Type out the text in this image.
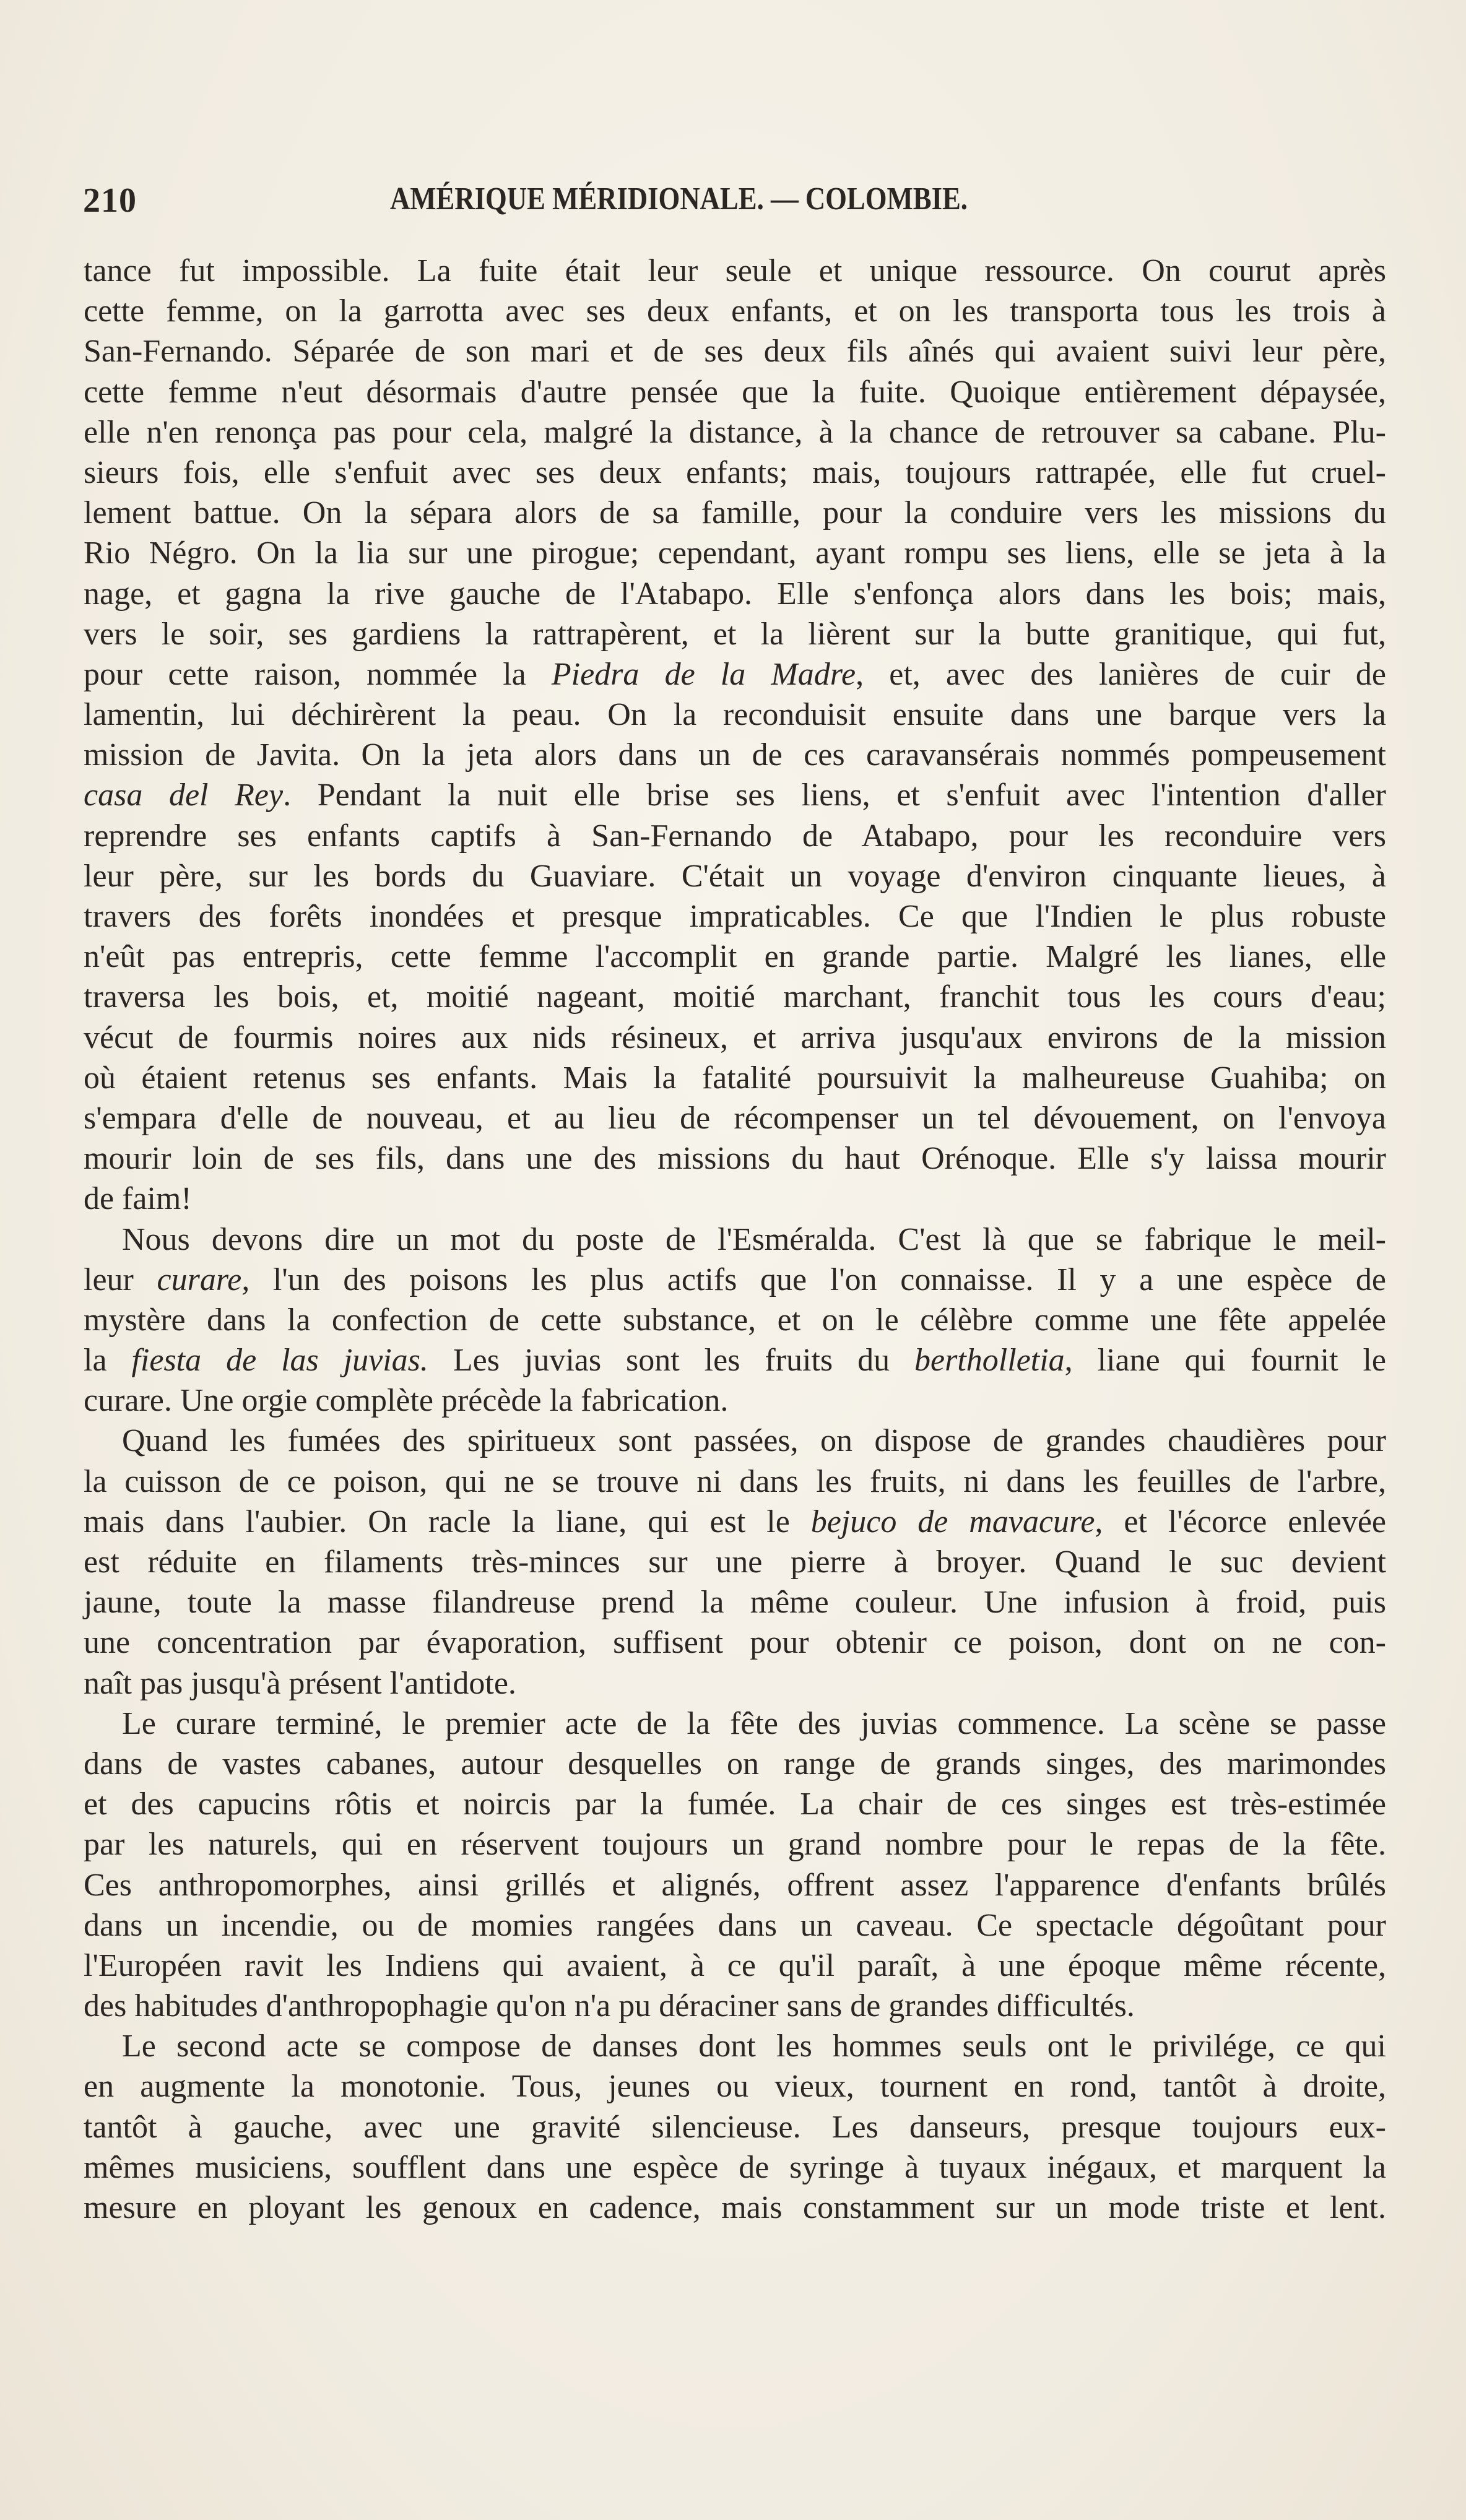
210	AMÉRIQUE MÉRIDIONALE. — COLOMBIE.
tance fut impossible. La fuite était leur seule et unique ressource. On courut après
cette femme, on la garrotta avec ses deux enfants, et on les transporta tous les trois à
San-Fernando. Séparée de son mari et de ses deux fils aînés qui avaient suivi leur père,
cette femme n'eut désormais d'autre pensée que la fuite. Quoique entièrement dépaysée,
elle n'en renonça pas pour cela, malgré la distance, à la chance de retrouver sa cabane. Plu-
sieurs fois, elle s'enfuit avec ses deux enfants; mais, toujours rattrapée, elle fut cruel-
lement battue. On la sépara alors de sa famille, pour la conduire vers les missions du
Rio Négro. On la lia sur une pirogue; cependant, ayant rompu ses liens, elle se jeta à la
nage, et gagna la rive gauche de l'Atabapo. Elle s'enfonça alors dans les bois; mais,
vers le soir, ses gardiens la rattrapèrent, et la lièrent sur la butte granitique, qui fut,
pour cette raison, nommée la Piedra de la Madre, et, avec des lanières de cuir de
lamentin, lui déchirèrent la peau. On la reconduisit ensuite dans une barque vers la
mission de Javita. On la jeta alors dans un de ces caravansérais nommés pompeusement
casa del Rey. Pendant la nuit elle brise ses liens, et s'enfuit avec l'intention d'aller
reprendre ses enfants captifs à San-Fernando de Atabapo, pour les reconduire vers
leur père, sur les bords du Guaviare. C'était un voyage d'environ cinquante lieues, à
travers des forêts inondées et presque impraticables. Ce que l'Indien le plus robuste
n'eût pas entrepris, cette femme l'accomplit en grande partie. Malgré les lianes, elle
traversa les bois, et, moitié nageant, moitié marchant, franchit tous les cours d'eau;
vécut de fourmis noires aux nids résineux, et arriva jusqu'aux environs de la mission
où étaient retenus ses enfants. Mais la fatalité poursuivit la malheureuse Guahiba; on
s'empara d'elle de nouveau, et au lieu de récompenser un tel dévouement, on l'envoya
mourir loin de ses fils, dans une des missions du haut Orénoque. Elle s'y laissa mourir
de faim!
Nous devons dire un mot du poste de l'Esméralda. C'est là que se fabrique le meil-
leur curare, l'un des poisons les plus actifs que l'on connaisse. Il y a une espèce de
mystère dans la confection de cette substance, et on le célèbre comme une fête appelée
la fiesta de las juvias. Les juvias sont les fruits du bertholletia, liane qui fournit le
curare. Une orgie complète précède la fabrication.
Quand les fumées des spiritueux sont passées, on dispose de grandes chaudières pour
la cuisson de ce poison, qui ne se trouve ni dans les fruits, ni dans les feuilles de l'arbre,
mais dans l'aubier. On racle la liane, qui est le bejuco de mavacure, et l'écorce enlevée
est réduite en filaments très-minces sur une pierre à broyer. Quand le suc devient
jaune, toute la masse filandreuse prend la même couleur. Une infusion à froid, puis
une concentration par évaporation, suffisent pour obtenir ce poison, dont on ne con-
naît pas jusqu'à présent l'antidote.
Le curare terminé, le premier acte de la fête des juvias commence. La scène se passe
dans de vastes cabanes, autour desquelles on range de grands singes, des marimondes
et des capucins rôtis et noircis par la fumée. La chair de ces singes est très-estimée
par les naturels, qui en réservent toujours un grand nombre pour le repas de la fête.
Ces anthropomorphes, ainsi grillés et alignés, offrent assez l'apparence d'enfants brûlés
dans un incendie, ou de momies rangées dans un caveau. Ce spectacle dégoûtant pour
l'Européen ravit les Indiens qui avaient, à ce qu'il paraît, à une époque même récente,
des habitudes d'anthropophagie qu'on n'a pu déraciner sans de grandes difficultés.
Le second acte se compose de danses dont les hommes seuls ont le privilége, ce qui
en augmente la monotonie. Tous, jeunes ou vieux, tournent en rond, tantôt à droite,
tantôt à gauche, avec une gravité silencieuse. Les danseurs, presque toujours eux-
mêmes musiciens, soufflent dans une espèce de syringe à tuyaux inégaux, et marquent la
mesure en ployant les genoux en cadence, mais constamment sur un mode triste et lent.
